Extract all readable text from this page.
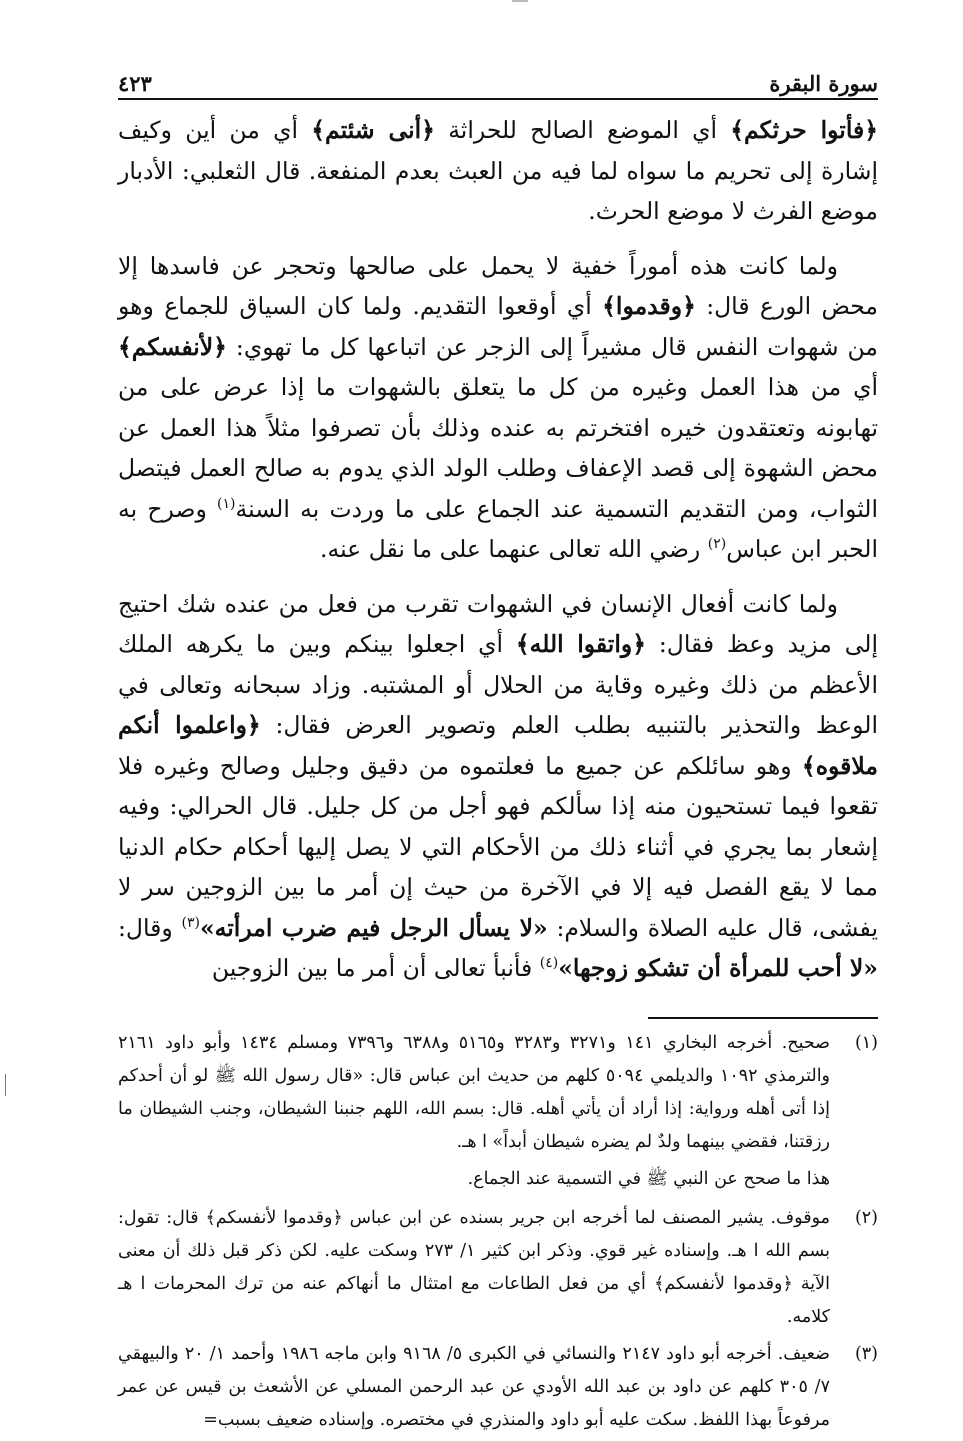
سورة البقرة
٤٢٣

﴿فأتوا حرثكم﴾ أي الموضع الصالح للحراثة ﴿أنى شئتم﴾ أي من أين وكيف إشارة إلى تحريم ما سواه لما فيه من العبث بعدم المنفعة. قال الثعلبي: الأدبار موضع الفرث لا موضع الحرث.

ولما كانت هذه أموراً خفية لا يحمل على صالحها وتحجر عن فاسدها إلا محض الورع قال: ﴿وقدموا﴾ أي أوقعوا التقديم. ولما كان السياق للجماع وهو من شهوات النفس قال مشيراً إلى الزجر عن اتباعها كل ما تهوي: ﴿لأنفسكم﴾ أي من هذا العمل وغيره من كل ما يتعلق بالشهوات ما إذا عرض على من تهابونه وتعتقدون خيره افتخرتم به عنده وذلك بأن تصرفوا مثلاً هذا العمل عن محض الشهوة إلى قصد الإعفاف وطلب الولد الذي يدوم به صالح العمل فيتصل الثواب، ومن التقديم التسمية عند الجماع على ما وردت به السنة$^{(١)}$ وصرح به الحبر ابن عباس$^{(٢)}$ رضي الله تعالى عنهما على ما نقل عنه.

ولما كانت أفعال الإنسان في الشهوات تقرب من فعل من عنده شك احتيج إلى مزيد وعظ فقال: ﴿واتقوا الله﴾ أي اجعلوا بينكم وبين ما يكرهه الملك الأعظم من ذلك وغيره وقاية من الحلال أو المشتبه. وزاد سبحانه وتعالى في الوعظ والتحذير بالتنبيه بطلب العلم وتصوير العرض فقال: ﴿واعلموا أنكم ملاقوه﴾ وهو سائلكم عن جميع ما فعلتموه من دقيق وجليل وصالح وغيره فلا تقعوا فيما تستحيون منه إذا سألكم فهو أجل من كل جليل. قال الحرالي: وفيه إشعار بما يجري في أثناء ذلك من الأحكام التي لا يصل إليها أحكام حكام الدنيا مما لا يقع الفصل فيه إلا في الآخرة من حيث إن أمر ما بين الزوجين سر لا يفشى، قال عليه الصلاة والسلام: «لا يسأل الرجل فيم ضرب امرأته»$^{(٣)}$ وقال: «لا أحب للمرأة أن تشكو زوجها»$^{(٤)}$ فأنبأ تعالى أن أمر ما بين الزوجين

(١)
صحيح. أخرجه البخاري ١٤١ و٣٢٧١ و٣٢٨٣ و٥١٦٥ و٦٣٨٨ و٧٣٩٦ ومسلم ١٤٣٤ وأبو داود ٢١٦١ والترمذي ١٠٩٢ والديلمي ٥٠٩٤ كلهم من حديث ابن عباس قال: «قال رسول الله ﷺ لو أن أحدكم إذا أتى أهله ورواية: إذا أراد أن يأتي أهله. قال: بسم الله، اللهم جنبنا الشيطان، وجنب الشيطان ما رزقتنا، فقضي بينهما ولدٌ لم يضره شيطان أبداً» ا هـ.
هذا ما صحح عن النبي ﷺ في التسمية عند الجماع.
(٢)
موقوف. يشير المصنف لما أخرجه ابن جرير بسنده عن ابن عباس ﴿وقدموا لأنفسكم﴾ قال: تقول: بسم الله ا هـ. وإسناده غير قوي. وذكر ابن كثير ١/ ٢٧٣ وسكت عليه. لكن ذكر قبل ذلك أن معنى الآية ﴿وقدموا لأنفسكم﴾ أي من فعل الطاعات مع امتثال ما أنهاكم عنه من ترك المحرمات ا هـ كلامه.
(٣)
ضعيف. أخرجه أبو داود ٢١٤٧ والنسائي في الكبرى ٥/ ٩١٦٨ وابن ماجه ١٩٨٦ وأحمد ١/ ٢٠ والبيهقي ٧/ ٣٠٥ كلهم عن داود بن عبد الله الأودي عن عبد الرحمن المسلي عن الأشعث بن قيس عن عمر مرفوعاً بهذا اللفظ. سكت عليه أبو داود والمنذري في مختصره. وإسناده ضعيف بسبب=
